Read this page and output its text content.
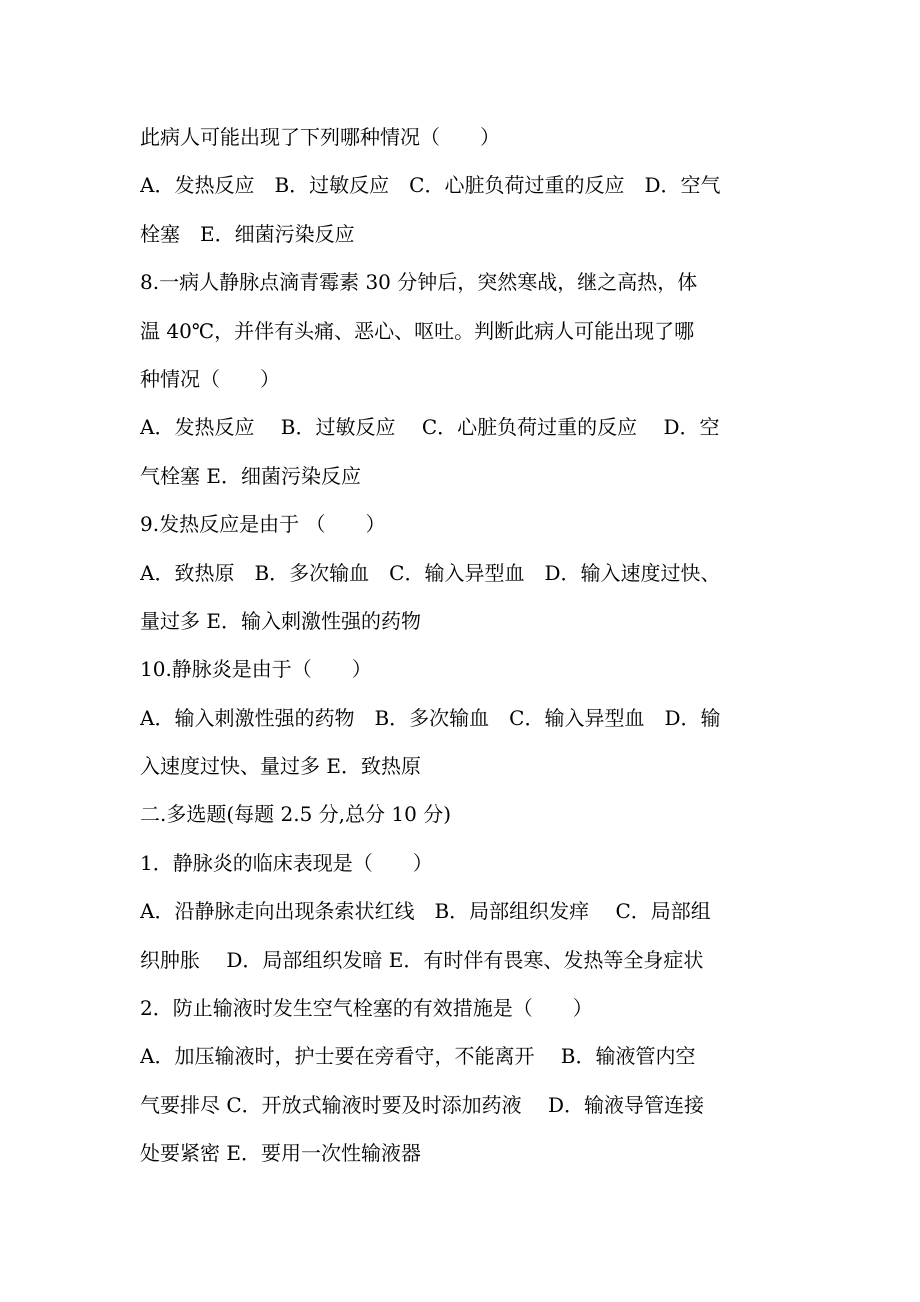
此病人可能出现了下列哪种情况（　　）
A．发热反应　B．过敏反应　C．心脏负荷过重的反应　D．空气
栓塞　E．细菌污染反应
8.一病人静脉点滴青霉素 30 分钟后，突然寒战，继之高热，体
温 40℃，并伴有头痛、恶心、呕吐。判断此病人可能出现了哪
种情况（　　）
A．发热反应　 B．过敏反应　 C．心脏负荷过重的反应　 D．空
气栓塞 E．细菌污染反应
9.发热反应是由于 （　　）
A．致热原　B．多次输血　C．输入异型血　D．输入速度过快、
量过多 E．输入刺激性强的药物
10.静脉炎是由于（　　）
A．输入刺激性强的药物　B．多次输血　C．输入异型血　D．输
入速度过快、量过多 E．致热原
二.多选题(每题 2.5 分,总分 10 分)
1．静脉炎的临床表现是（　　）
A．沿静脉走向出现条索状红线　B．局部组织发痒　 C．局部组
织肿胀　 D．局部组织发暗 E．有时伴有畏寒、发热等全身症状
2．防止输液时发生空气栓塞的有效措施是（　　）
A．加压输液时，护士要在旁看守，不能离开　 B．输液管内空
气要排尽 C．开放式输液时要及时添加药液　 D．输液导管连接
处要紧密 E．要用一次性输液器
